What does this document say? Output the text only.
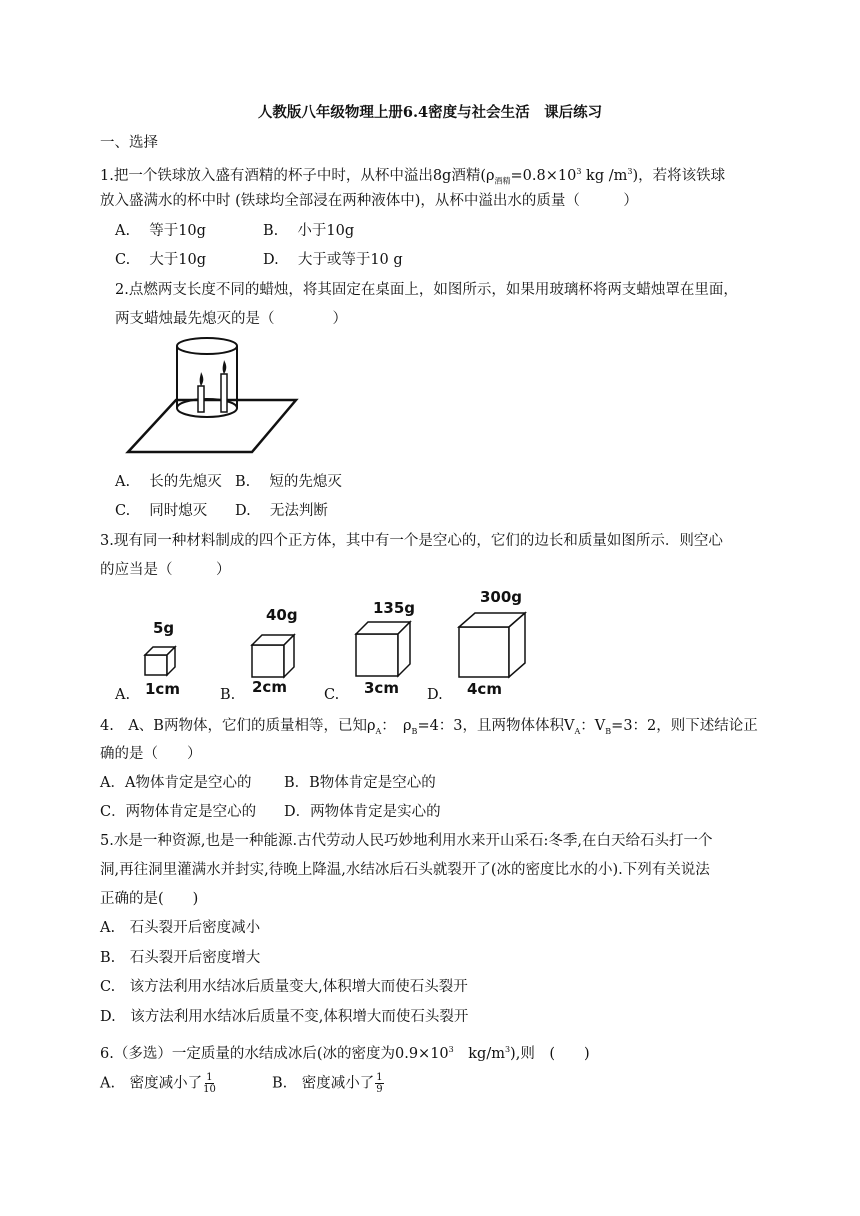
人教版八年级物理上册6.4密度与社会生活　课后练习
一、选择
1.把一个铁球放入盛有酒精的杯子中时，从杯中溢出8g酒精($\rho_{酒精}=0.8\times 10^3$ kg $/m^3$)，若将该铁球
放入盛满水的杯中时 (铁球均全部浸在两种液体中)，从杯中溢出水的质量（　　　）
A.　 等于10g	B.　 小于10g
C.　 大于10g	D.　 大于或等于10 g
2.点燃两支长度不同的蜡烛，将其固定在桌面上，如图所示，如果用玻璃杯将两支蜡烛罩在里面，
两支蜡烛最先熄灭的是（　　　　）
A.　 长的先熄灭 B.　 短的先熄灭
C.　 同时熄灭 D.　 无法判断
3.现有同一种材料制成的四个正方体，其中有一个是空心的，它们的边长和质量如图所示．则空心
的应当是（　　　）
A.
5g
1cm	B.
40g
2cm	C.
135g
3cm D.
300g
4cm
4.　A、B两物体，它们的质量相等，已知$\rho_A$：　$\rho_B=4$：3，且两物体体积$V_A$：$V_B=3$：2，则下述结论正
确的是（　　）
A．A物体肯定是空心的 B．B物体肯定是空心的
C．两物体肯定是空心的 D．两物体肯定是实心的
5.水是一种资源,也是一种能源.古代劳动人民巧妙地利用水来开山采石:冬季,在白天给石头打一个
洞,再往洞里灌满水并封实,待晚上降温,水结冰后石头就裂开了(冰的密度比水的小).下列有关说法
正确的是(　　)
A.　石头裂开后密度减小
B.　石头裂开后密度增大
C.　该方法利用水结冰后质量变大,体积增大而使石头裂开
D.　该方法利用水结冰后质量不变,体积增大而使石头裂开
6.（多选）一定质量的水结成冰后(冰的密度为$0.9\times 10^3$　$kg/m^3$),则　(　　)
A.　密度减小了 $\frac{1}{10}$	B.　密度减小了 $\frac{1}{9}$
